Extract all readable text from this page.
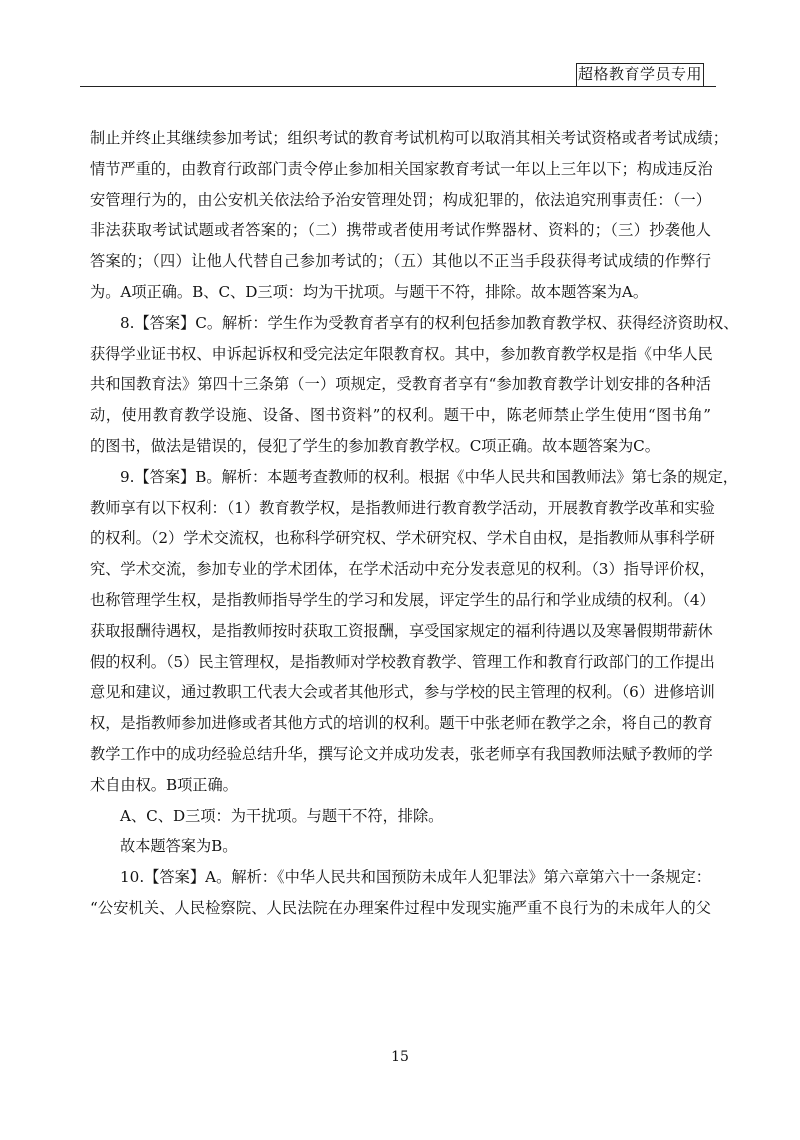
超格教育学员专用
制止并终止其继续参加考试；组织考试的教育考试机构可以取消其相关考试资格或者考试成绩；
情节严重的，由教育行政部门责令停止参加相关国家教育考试一年以上三年以下；构成违反治
安管理行为的，由公安机关依法给予治安管理处罚；构成犯罪的，依法追究刑事责任：（一）
非法获取考试试题或者答案的；（二）携带或者使用考试作弊器材、资料的；（三）抄袭他人
答案的；（四）让他人代替自己参加考试的；（五）其他以不正当手段获得考试成绩的作弊行
为。A项正确。B、C、D三项：均为干扰项。与题干不符，排除。故本题答案为A。
8.【答案】C。解析：学生作为受教育者享有的权利包括参加教育教学权、获得经济资助权、
获得学业证书权、申诉起诉权和受完法定年限教育权。其中，参加教育教学权是指《中华人民
共和国教育法》第四十三条第（一）项规定，受教育者享有“参加教育教学计划安排的各种活
动，使用教育教学设施、设备、图书资料”的权利。题干中，陈老师禁止学生使用“图书角”
的图书，做法是错误的，侵犯了学生的参加教育教学权。C项正确。故本题答案为C。
9.【答案】B。解析：本题考查教师的权利。根据《中华人民共和国教师法》第七条的规定，
教师享有以下权利：（1）教育教学权，是指教师进行教育教学活动，开展教育教学改革和实验
的权利。（2）学术交流权，也称科学研究权、学术研究权、学术自由权，是指教师从事科学研
究、学术交流，参加专业的学术团体，在学术活动中充分发表意见的权利。（3）指导评价权，
也称管理学生权，是指教师指导学生的学习和发展，评定学生的品行和学业成绩的权利。（4）
获取报酬待遇权，是指教师按时获取工资报酬，享受国家规定的福利待遇以及寒暑假期带薪休
假的权利。（5）民主管理权，是指教师对学校教育教学、管理工作和教育行政部门的工作提出
意见和建议，通过教职工代表大会或者其他形式，参与学校的民主管理的权利。（6）进修培训
权，是指教师参加进修或者其他方式的培训的权利。题干中张老师在教学之余，将自己的教育
教学工作中的成功经验总结升华，撰写论文并成功发表，张老师享有我国教师法赋予教师的学
术自由权。B项正确。
A、C、D三项：为干扰项。与题干不符，排除。
故本题答案为B。
10.【答案】A。解析：《中华人民共和国预防未成年人犯罪法》第六章第六十一条规定：
“公安机关、人民检察院、人民法院在办理案件过程中发现实施严重不良行为的未成年人的父
15
